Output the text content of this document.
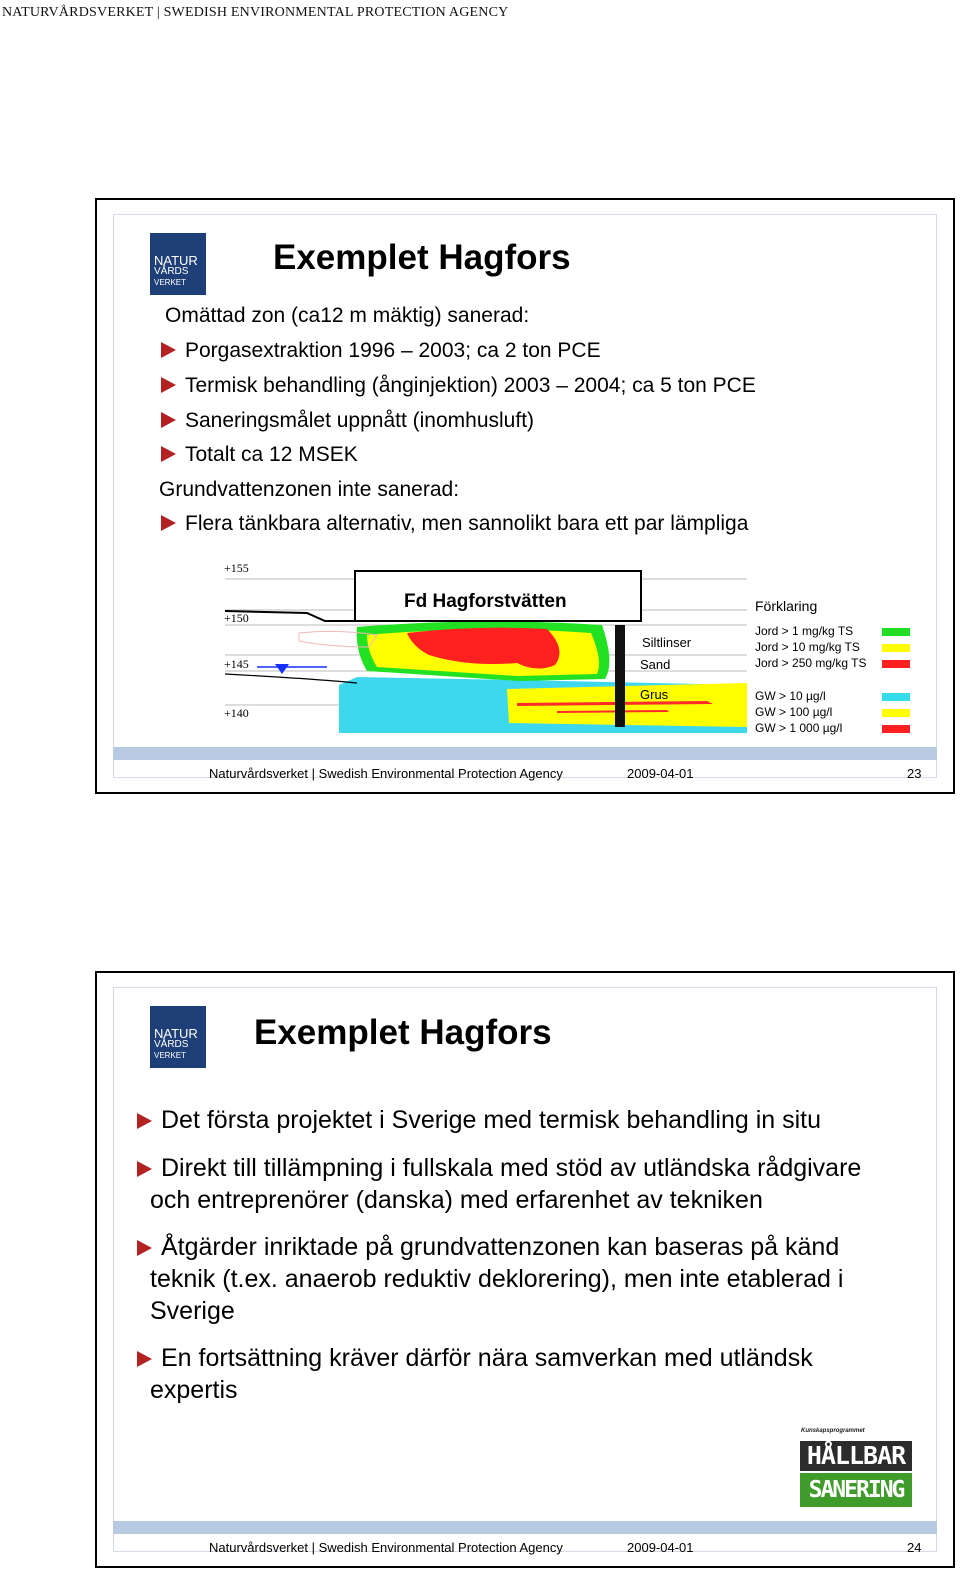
NATURVÅRDSVERKET | SWEDISH ENVIRONMENTAL PROTECTION AGENCY
NATUR
VÅRDS
VERKET
Exemplet Hagfors
Omättad zon (ca12 m mäktig) sanerad:
Porgasextraktion 1996 – 2003; ca 2 ton PCE
Termisk behandling (ånginjektion) 2003 – 2004; ca 5 ton PCE
Saneringsmålet uppnått (inomhusluft)
Totalt ca 12 MSEK
Grundvattenzonen inte sanerad:
Flera tänkbara alternativ, men sannolikt bara ett par lämpliga
+155
+150
+145
+140
Fd Hagforstvätten
Siltlinser
Sand
Grus
Förklaring
Jord > 1 mg/kg TS
Jord > 10 mg/kg TS
Jord > 250 mg/kg TS
GW > 10 µg/l
GW > 100 µg/l
GW > 1 000 µg/l
Naturvårdsverket | Swedish Environmental Protection Agency	2009-04-01	23
NATUR
VÅRDS
VERKET
Exemplet Hagfors
Det första projektet i Sverige med termisk behandling in situ
Direkt till tillämpning i fullskala med stöd av utländska rådgivare
och entreprenörer (danska) med erfarenhet av tekniken
Åtgärder inriktade på grundvattenzonen kan baseras på känd
teknik (t.ex. anaerob reduktiv deklorering), men inte etablerad i
Sverige
En fortsättning kräver därför nära samverkan med utländsk
expertis
Kunskapsprogrammet
HÅLLBAR
SANERING
Naturvårdsverket | Swedish Environmental Protection Agency	2009-04-01	24
